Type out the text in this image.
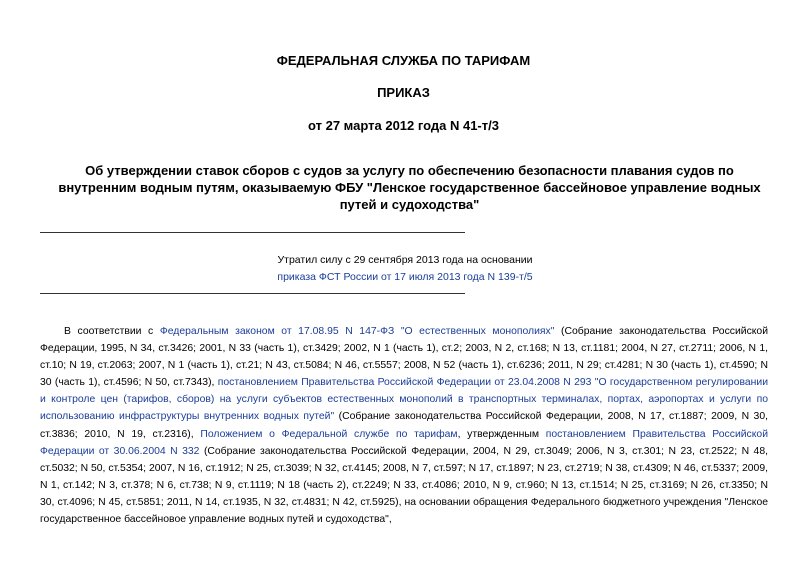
ФЕДЕРАЛЬНАЯ СЛУЖБА ПО ТАРИФАМ
ПРИКАЗ
от 27 марта 2012 года N 41-т/3
Об утверждении ставок сборов с судов за услугу по обеспечению безопасности плавания судов по внутренним водным путям, оказываемую ФБУ "Ленское государственное бассейновое управление водных путей и судоходства"
Утратил силу с 29 сентября 2013 года на основании
приказа ФСТ России от 17 июля 2013 года N 139-т/5
В соответствии с Федеральным законом от 17.08.95 N 147-ФЗ "О естественных монополиях" (Собрание законодательства Российской Федерации, 1995, N 34, ст.3426; 2001, N 33 (часть 1), ст.3429; 2002, N 1 (часть 1), ст.2; 2003, N 2, ст.168; N 13, ст.1181; 2004, N 27, ст.2711; 2006, N 1, ст.10; N 19, ст.2063; 2007, N 1 (часть 1), ст.21; N 43, ст.5084; N 46, ст.5557; 2008, N 52 (часть 1), ст.6236; 2011, N 29; ст.4281; N 30 (часть 1), ст.4590; N 30 (часть 1), ст.4596; N 50, ст.7343), постановлением Правительства Российской Федерации от 23.04.2008 N 293 "О государственном регулировании и контроле цен (тарифов, сборов) на услуги субъектов естественных монополий в транспортных терминалах, портах, аэропортах и услуги по использованию инфраструктуры внутренних водных путей" (Собрание законодательства Российской Федерации, 2008, N 17, ст.1887; 2009, N 30, ст.3836; 2010, N 19, ст.2316), Положением о Федеральной службе по тарифам, утвержденным постановлением Правительства Российской Федерации от 30.06.2004 N 332 (Собрание законодательства Российской Федерации, 2004, N 29, ст.3049; 2006, N 3, ст.301; N 23, ст.2522; N 48, ст.5032; N 50, ст.5354; 2007, N 16, ст.1912; N 25, ст.3039; N 32, ст.4145; 2008, N 7, ст.597; N 17, ст.1897; N 23, ст.2719; N 38, ст.4309; N 46, ст.5337; 2009, N 1, ст.142; N 3, ст.378; N 6, ст.738; N 9, ст.1119; N 18 (часть 2), ст.2249; N 33, ст.4086; 2010, N 9, ст.960; N 13, ст.1514; N 25, ст.3169; N 26, ст.3350; N 30, ст.4096; N 45, ст.5851; 2011, N 14, ст.1935, N 32, ст.4831; N 42, ст.5925), на основании обращения Федерального бюджетного учреждения "Ленское государственное бассейновое управление водных путей и судоходства",
